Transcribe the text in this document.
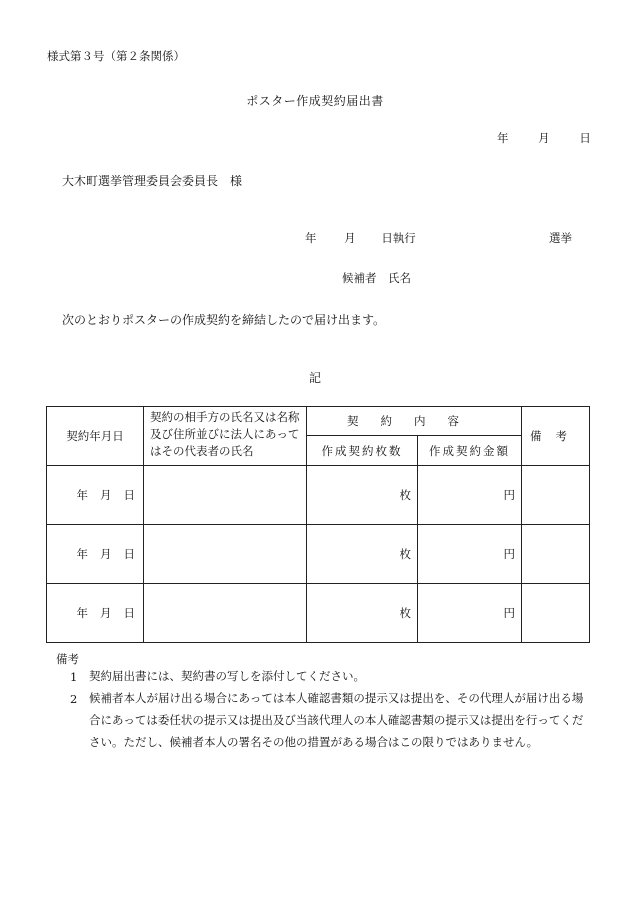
様式第３号（第２条関係）
ポスター作成契約届出書
年	月	日
大木町選挙管理委員会委員長　様
年 月 日執行	選挙
候補者　氏名
次のとおりポスターの作成契約を締結したので届け出ます。
記
契約年月日	契約の相手方の氏名又は名称及び住所並びに法人にあってはその代表者の氏名	契約内容		備考
		作成契約枚数	作成契約金額	
年 月 日		枚	円	
年 月 日		枚	円	
年 月 日		枚	円	
備考
1 契約届出書には、契約書の写しを添付してください。
2 候補者本人が届け出る場合にあっては本人確認書類の提示又は提出を、その代理人が届け出る場合にあっては委任状の提示又は提出及び当該代理人の本人確認書類の提示又は提出を行ってください。ただし、候補者本人の署名その他の措置がある場合はこの限りではありません。
